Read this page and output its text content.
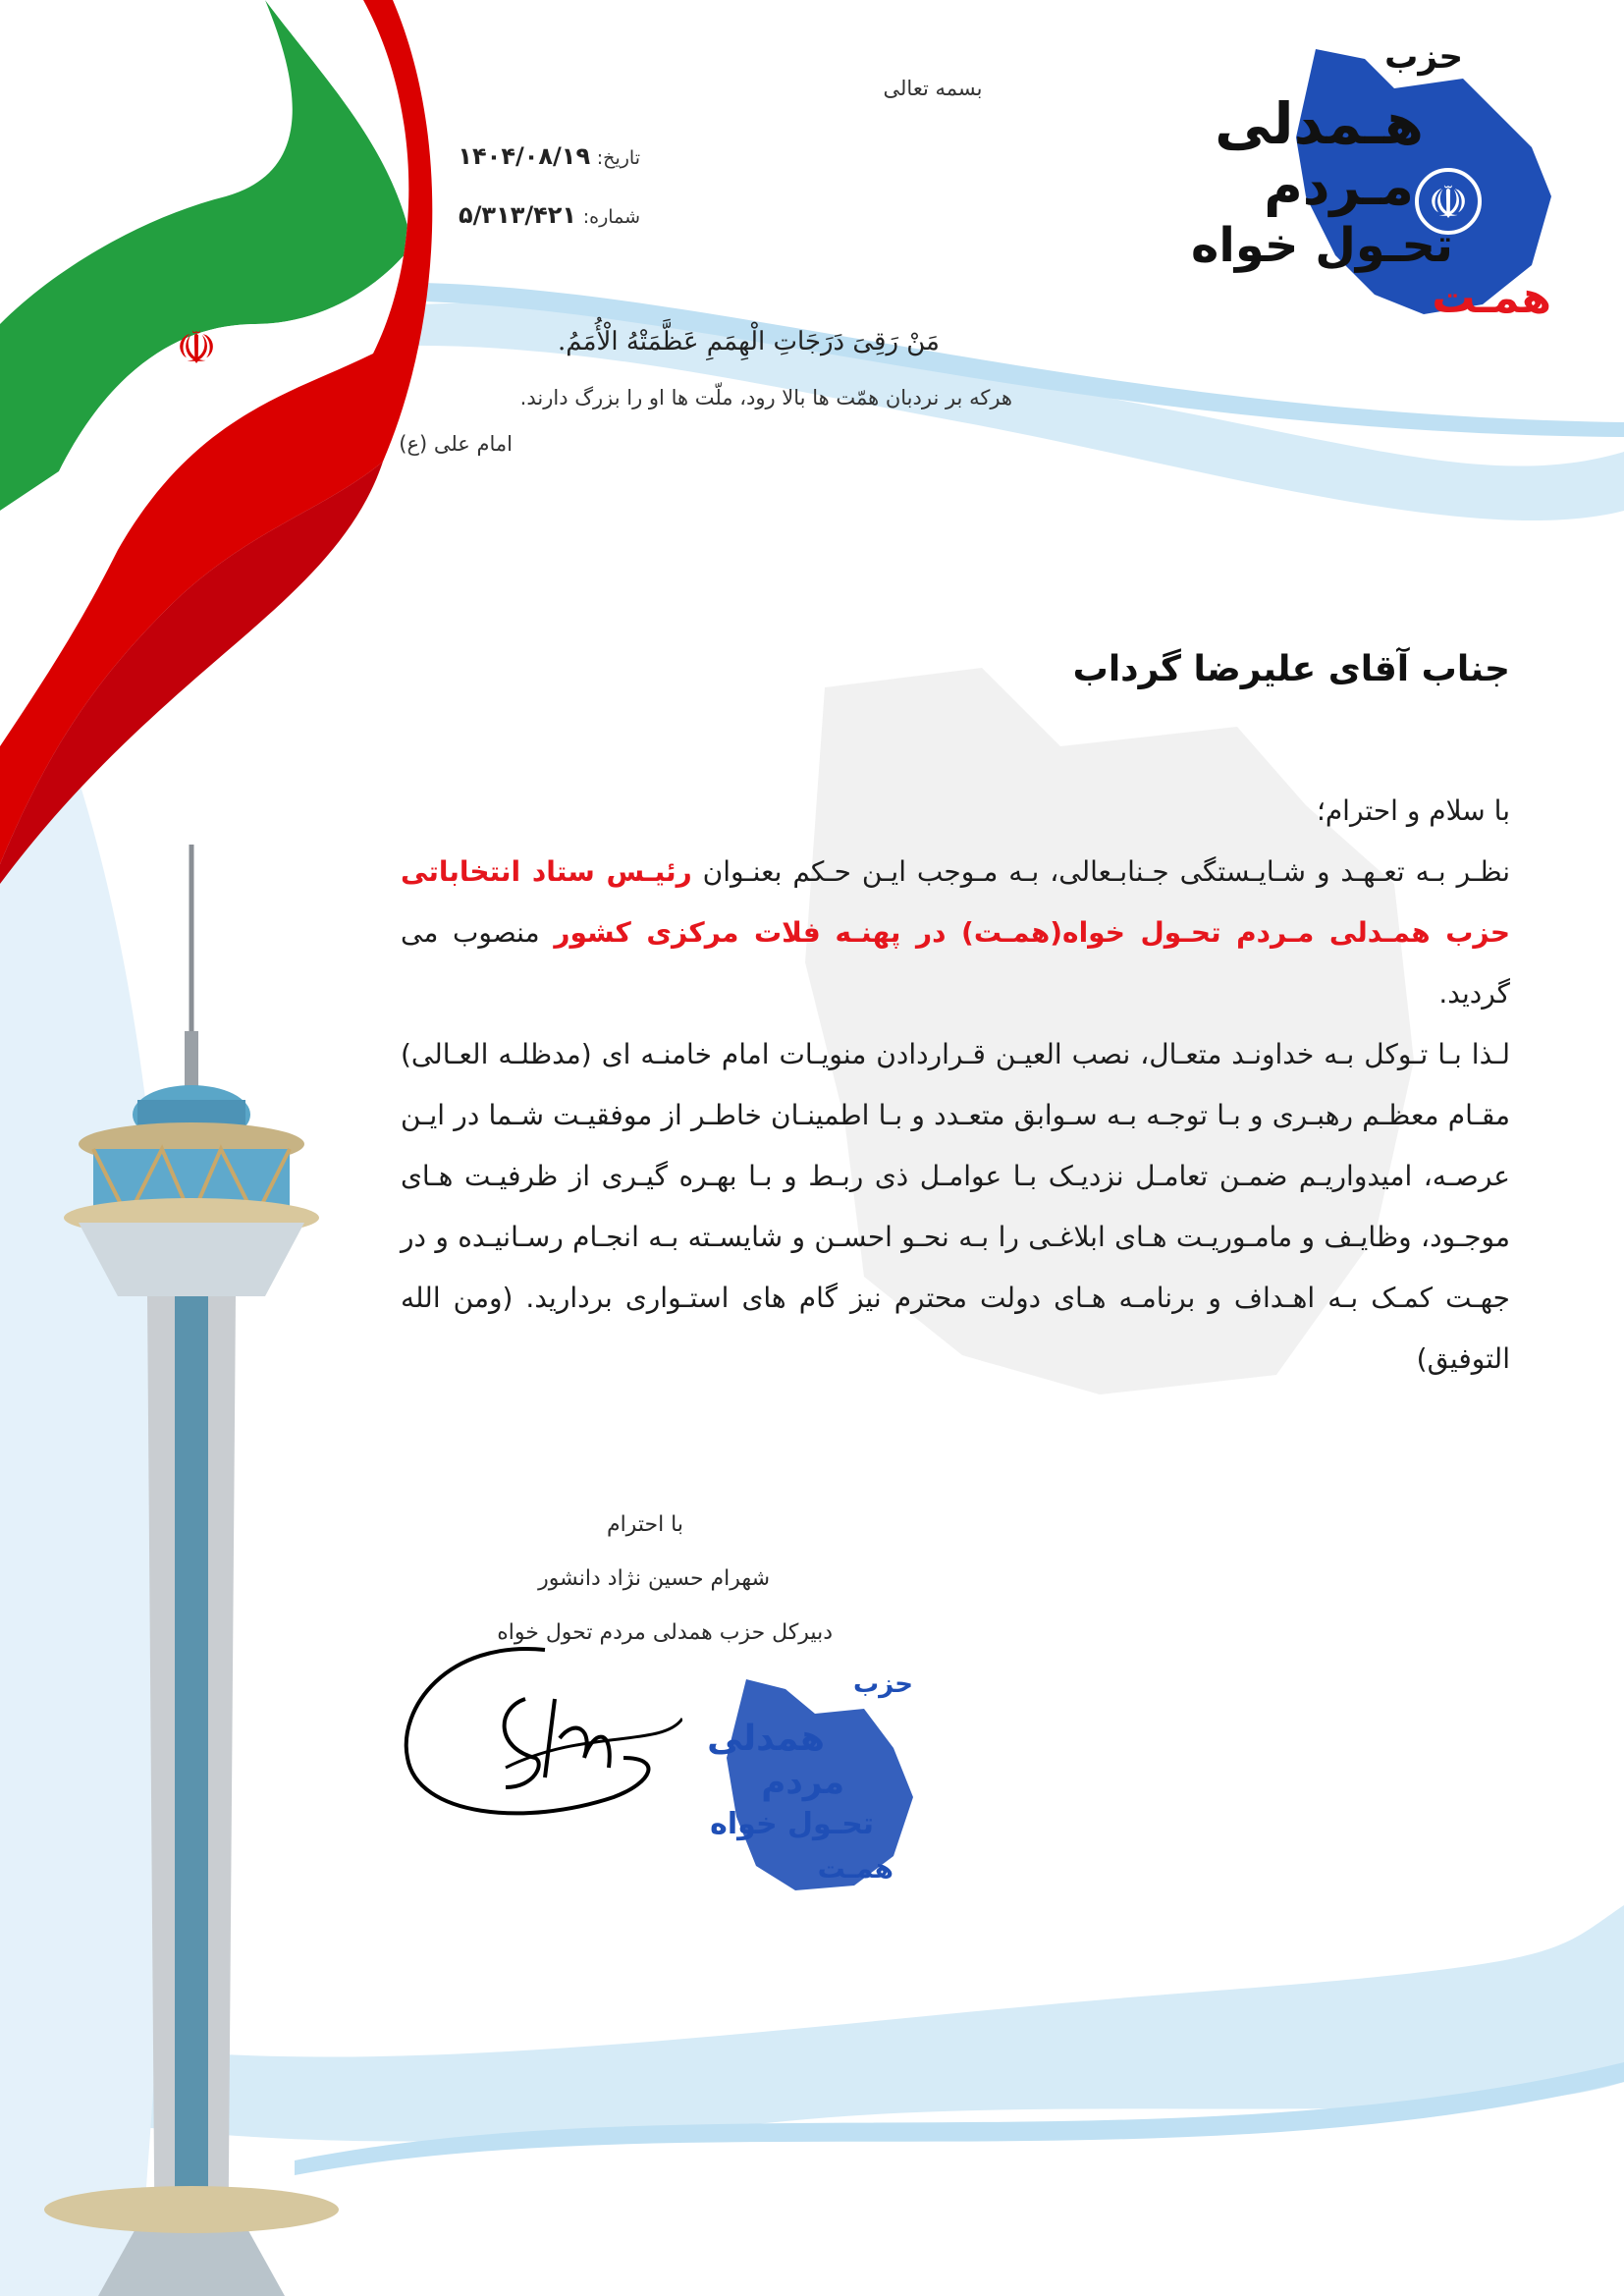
☫
بسمه تعالی
تاریخ: ۱۴۰۴/۰۸/۱۹
شماره: ۵/۳۱۳/۴۲۱	☫
حزب
هـمدلی
مـردم
تحـول خواه
همـت
مَنْ رَقِیَ دَرَجَاتِ الْهِمَمِ عَظَّمَتْهُ الْأُمَمُ.
هرکه بر نردبان همّت ها بالا رود، ملّت ها او را بزرگ دارند.
امام علی (ع)
جناب آقای علیرضا گرداب

با سلام و احترام؛

نظـر بـه تعـهـد و شـایـستگی جـنابـعالی، بـه مـوجب ایـن حـکم بعنـوان رئیـس ستاد انتخاباتی حزب همـدلی مـردم تحـول خواه(همـت) در پهنـه فلات مرکزی کشور منصوب می گردید.

لـذا بـا تـوکل بـه خداونـد متعـال، نصب العیـن قـراردادن منویـات امام خامنـه ای (مدظلـه العـالی) مقـام معظـم رهبـری و بـا توجـه بـه سـوابق متعـدد و بـا اطمینـان خاطـر از موفقیـت شـما در ایـن عرصـه، امیدواریـم ضمـن تعامـل نزدیـک بـا عوامـل ذی ربـط و بـا بهـره گیـری از ظرفیـت هـای موجـود، وظایـف و مامـوریـت هـای ابلاغـی را بـه نحـو احسـن و شایسـته بـه انجـام رسـانیـده و در جهـت کمـک بـه اهـداف و برنامـه هـای دولت محترم نیز گام های استـواری بردارید. (ومن الله التوفیق)

با احترام
شهرام حسین نژاد دانشور
دبیرکل حزب همدلی مردم تحول خواه
حزب
همدلی
مردم
تحـول خواه
همـت
